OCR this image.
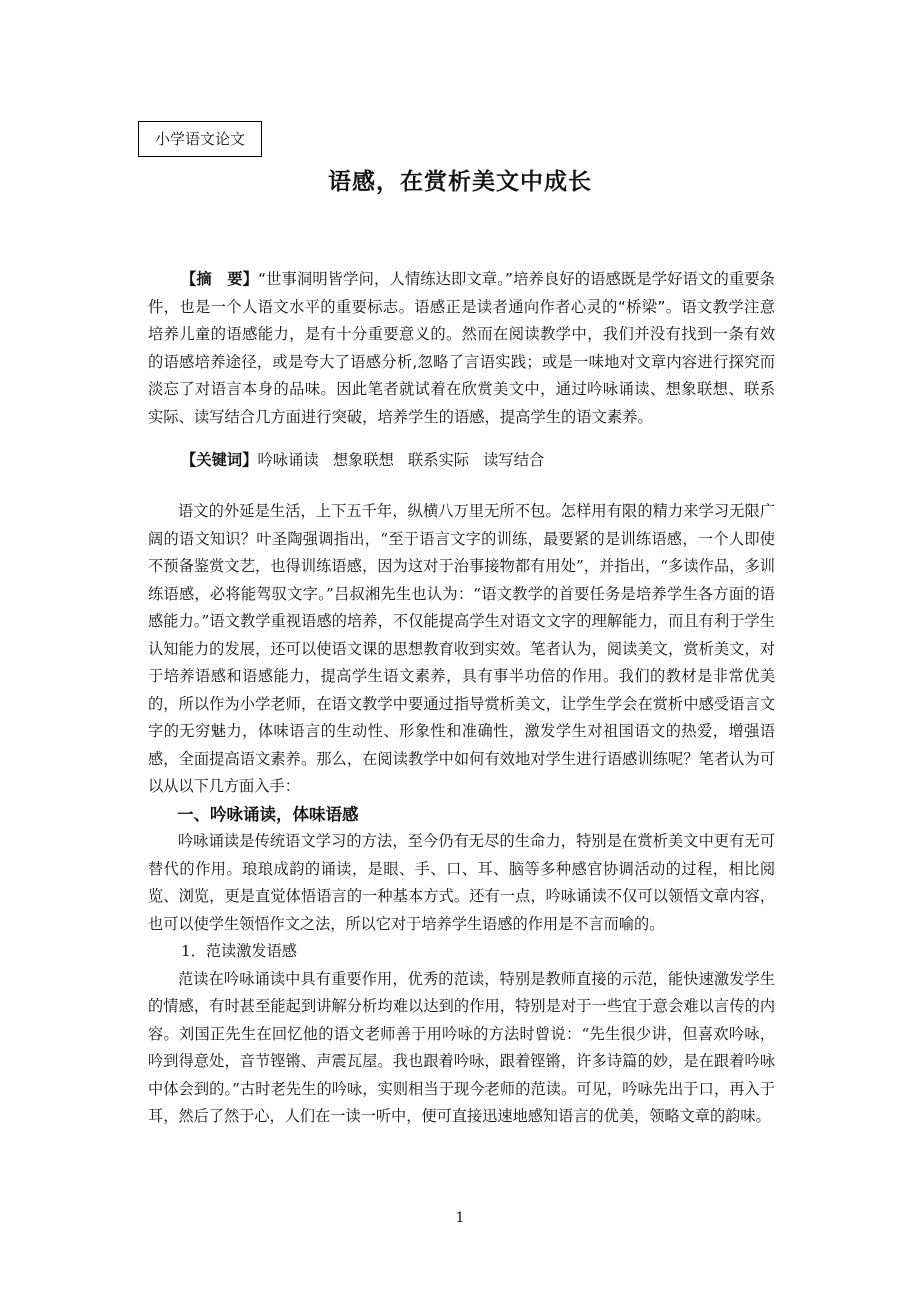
小学语文论文
语感，在赏析美文中成长

【摘　要】“世事洞明皆学问，人情练达即文章。”培养良好的语感既是学好语文的重要条件，也是一个人语文水平的重要标志。语感正是读者通向作者心灵的“桥梁”。语文教学注意培养儿童的语感能力，是有十分重要意义的。然而在阅读教学中，我们并没有找到一条有效的语感培养途径，或是夸大了语感分析,忽略了言语实践；或是一味地对文章内容进行探究而淡忘了对语言本身的品味。因此笔者就试着在欣赏美文中，通过吟咏诵读、想象联想、联系实际、读写结合几方面进行突破，培养学生的语感，提高学生的语文素养。

【关键词】吟咏诵读 想象联想 联系实际 读写结合

语文的外延是生活，上下五千年，纵横八万里无所不包。怎样用有限的精力来学习无限广阔的语文知识？叶圣陶强调指出，“至于语言文字的训练，最要紧的是训练语感，一个人即使不预备鉴赏文艺，也得训练语感，因为这对于治事接物都有用处”，并指出，“多读作品，多训练语感，必将能驾驭文字。”吕叔湘先生也认为：“语文教学的首要任务是培养学生各方面的语感能力。”语文教学重视语感的培养，不仅能提高学生对语文文字的理解能力，而且有利于学生认知能力的发展，还可以使语文课的思想教育收到实效。笔者认为，阅读美文，赏析美文，对于培养语感和语感能力，提高学生语文素养，具有事半功倍的作用。我们的教材是非常优美的，所以作为小学老师，在语文教学中要通过指导赏析美文，让学生学会在赏析中感受语言文字的无穷魅力，体味语言的生动性、形象性和准确性，激发学生对祖国语文的热爱，增强语感，全面提高语文素养。那么，在阅读教学中如何有效地对学生进行语感训练呢？笔者认为可以从以下几方面入手：

一、吟咏诵读，体味语感

吟咏诵读是传统语文学习的方法，至今仍有无尽的生命力，特别是在赏析美文中更有无可替代的作用。琅琅成韵的诵读，是眼、手、口、耳、脑等多种感官协调活动的过程，相比阅览、浏览，更是直觉体悟语言的一种基本方式。还有一点，吟咏诵读不仅可以领悟文章内容，也可以使学生领悟作文之法，所以它对于培养学生语感的作用是不言而喻的。

1．范读激发语感

范读在吟咏诵读中具有重要作用，优秀的范读，特别是教师直接的示范，能快速激发学生的情感，有时甚至能起到讲解分析均难以达到的作用，特别是对于一些宜于意会难以言传的内容。刘国正先生在回忆他的语文老师善于用吟咏的方法时曾说：“先生很少讲，但喜欢吟咏，吟到得意处，音节铿锵、声震瓦屋。我也跟着吟咏，跟着铿锵，许多诗篇的妙，是在跟着吟咏中体会到的。”古时老先生的吟咏，实则相当于现今老师的范读。可见，吟咏先出于口，再入于耳，然后了然于心，人们在一读一听中，便可直接迅速地感知语言的优美，领略文章的韵味。

1
